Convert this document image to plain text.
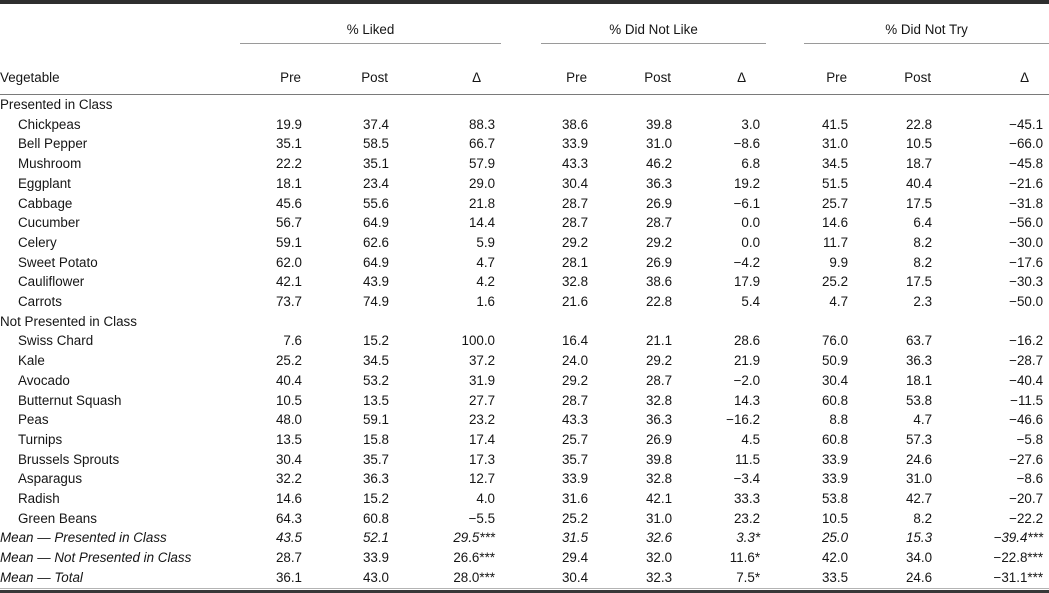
	% Liked				% Did Not Like				% Did Not Try		
Vegetable	Pre	Post	Δ		Pre	Post	Δ		Pre	Post	Δ
Presented in Class											
Chickpeas	19.9	37.4	88.3		38.6	39.8	3.0		41.5	22.8	−45.1
Bell Pepper	35.1	58.5	66.7		33.9	31.0	−8.6		31.0	10.5	−66.0
Mushroom	22.2	35.1	57.9		43.3	46.2	6.8		34.5	18.7	−45.8
Eggplant	18.1	23.4	29.0		30.4	36.3	19.2		51.5	40.4	−21.6
Cabbage	45.6	55.6	21.8		28.7	26.9	−6.1		25.7	17.5	−31.8
Cucumber	56.7	64.9	14.4		28.7	28.7	0.0		14.6	6.4	−56.0
Celery	59.1	62.6	5.9		29.2	29.2	0.0		11.7	8.2	−30.0
Sweet Potato	62.0	64.9	4.7		28.1	26.9	−4.2		9.9	8.2	−17.6
Cauliflower	42.1	43.9	4.2		32.8	38.6	17.9		25.2	17.5	−30.3
Carrots	73.7	74.9	1.6		21.6	22.8	5.4		4.7	2.3	−50.0
Not Presented in Class											
Swiss Chard	7.6	15.2	100.0		16.4	21.1	28.6		76.0	63.7	−16.2
Kale	25.2	34.5	37.2		24.0	29.2	21.9		50.9	36.3	−28.7
Avocado	40.4	53.2	31.9		29.2	28.7	−2.0		30.4	18.1	−40.4
Butternut Squash	10.5	13.5	27.7		28.7	32.8	14.3		60.8	53.8	−11.5
Peas	48.0	59.1	23.2		43.3	36.3	−16.2		8.8	4.7	−46.6
Turnips	13.5	15.8	17.4		25.7	26.9	4.5		60.8	57.3	−5.8
Brussels Sprouts	30.4	35.7	17.3		35.7	39.8	11.5		33.9	24.6	−27.6
Asparagus	32.2	36.3	12.7		33.9	32.8	−3.4		33.9	31.0	−8.6
Radish	14.6	15.2	4.0		31.6	42.1	33.3		53.8	42.7	−20.7
Green Beans	64.3	60.8	−5.5		25.2	31.0	23.2		10.5	8.2	−22.2
Mean — Presented in Class	43.5	52.1	29.5***		31.5	32.6	3.3*		25.0	15.3	−39.4***
Mean — Not Presented in Class	28.7	33.9	26.6***		29.4	32.0	11.6*		42.0	34.0	−22.8***
Mean — Total	36.1	43.0	28.0***		30.4	32.3	7.5*		33.5	24.6	−31.1***
